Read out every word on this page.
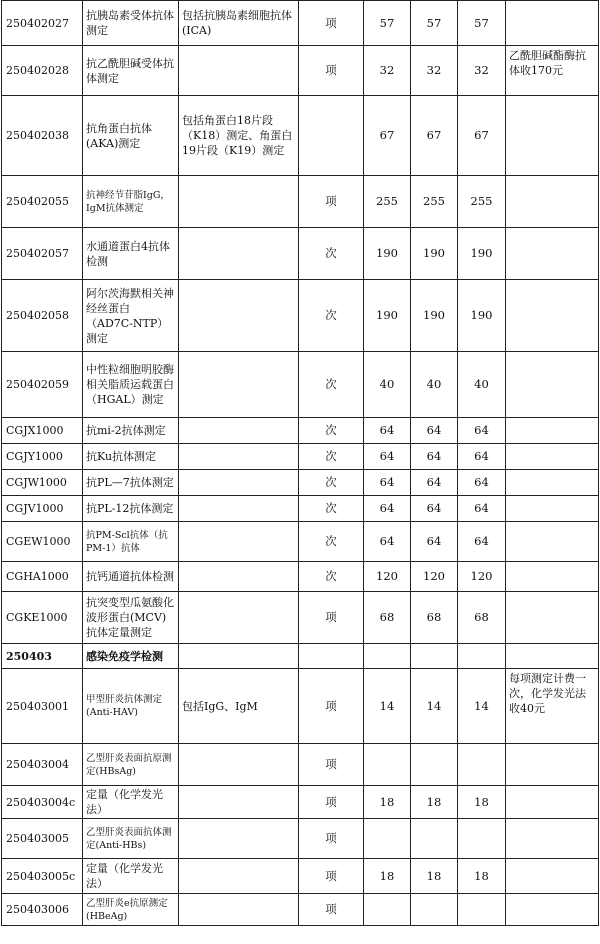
250402027	抗胰岛素受体抗体测定	包括抗胰岛素细胞抗体(ICA)	项	57	57	57	
250402028	抗乙酰胆碱受体抗体测定		项	32	32	32	乙酰胆碱酯酶抗体收170元
250402038	抗角蛋白抗体(AKA)测定	包括角蛋白18片段（K18）测定、角蛋白19片段（K19）测定		67	67	67	
250402055	抗神经节苷脂IgG，IgM抗体测定		项	255	255	255	
250402057	水通道蛋白4抗体检测		次	190	190	190	
250402058	阿尔茨海默相关神经丝蛋白（AD7C-NTP）测定		次	190	190	190	
250402059	中性粒细胞明胶酶相关脂质运载蛋白（HGAL）测定		次	40	40	40	
CGJX1000	抗mi-2抗体测定		次	64	64	64	
CGJY1000	抗Ku抗体测定		次	64	64	64	
CGJW1000	抗PL—7抗体测定		次	64	64	64	
CGJV1000	抗PL-12抗体测定		次	64	64	64	
CGEW1000	抗PM-Scl抗体（抗PM-1）抗体		次	64	64	64	
CGHA1000	抗钙通道抗体检测		次	120	120	120	
CGKE1000	抗突变型瓜氨酸化波形蛋白(MCV)抗体定量测定		项	68	68	68	
250403	感染免疫学检测						
250403001	甲型肝炎抗体测定(Anti-HAV)	包括IgG、IgM	项	14	14	14	每项测定计费一次，化学发光法收40元
250403004	乙型肝炎表面抗原测定(HBsAg)		项				
250403004c	定量（化学发光法）		项	18	18	18	
250403005	乙型肝炎表面抗体测定(Anti-HBs)		项				
250403005c	定量（化学发光法）		项	18	18	18	
250403006	乙型肝炎e抗原测定(HBeAg)		项				
